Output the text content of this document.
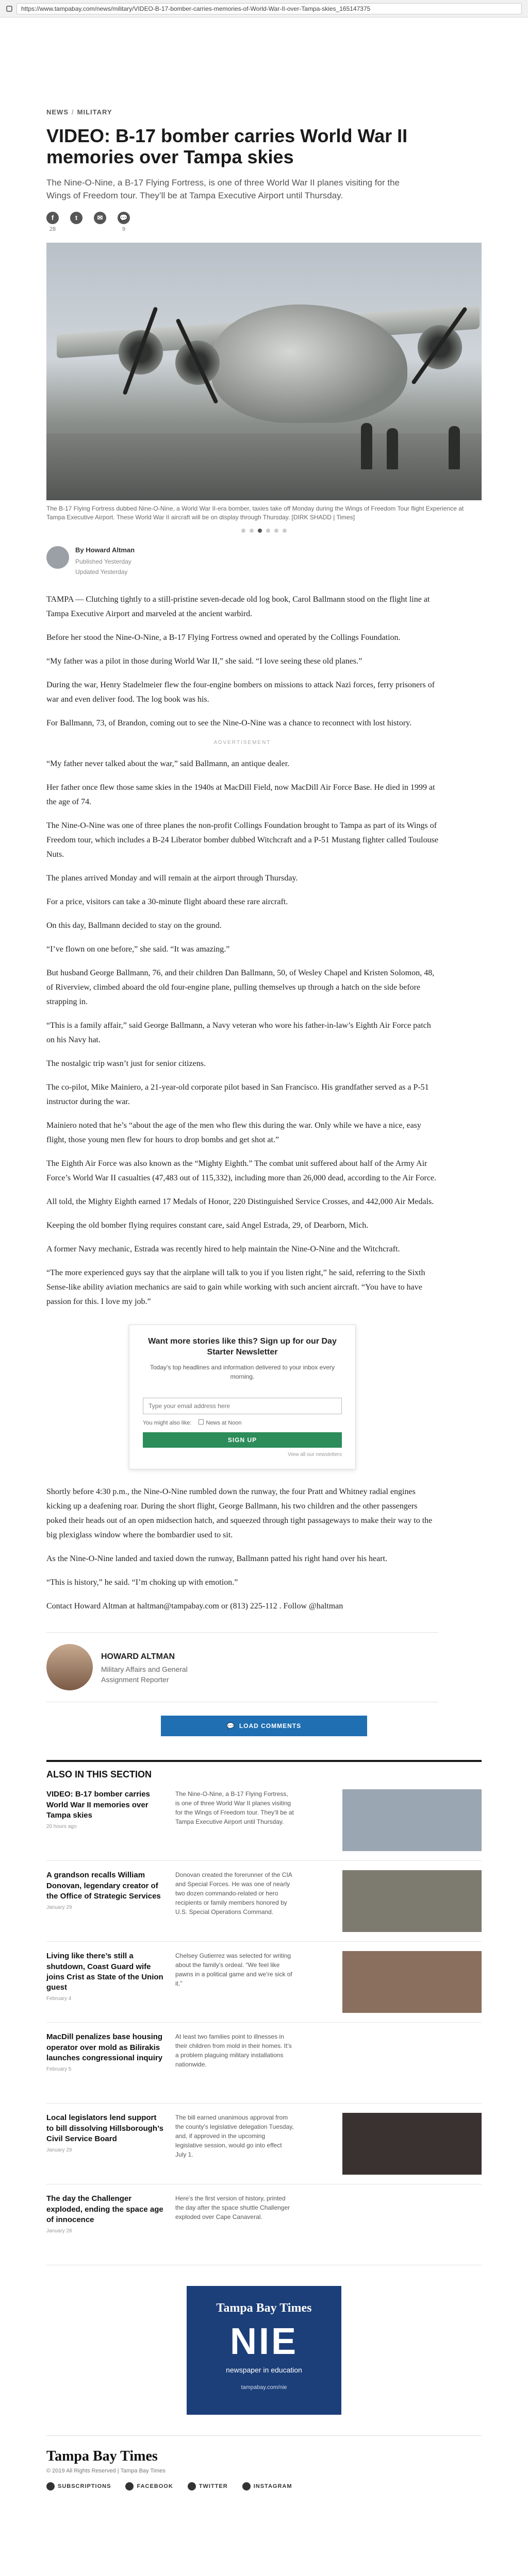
https://www.tampabay.com/news/military/VIDEO-B-17-bomber-carries-memories-of-World-War-II-over-Tampa-skies_165147375
NEWS / MILITARY
VIDEO: B-17 bomber carries World War II memories over Tampa skies

The Nine-O-Nine, a B-17 Flying Fortress, is one of three World War II planes visiting for the Wings of Freedom tour. They’ll be at Tampa Executive Airport until Thursday.

f
28
t	✉	💬
9

The B-17 Flying Fortress dubbed Nine-O-Nine, a World War II-era bomber, taxies take off Monday during the Wings of Freedom Tour flight Experience at Tampa Executive Airport. These World War II aircraft will be on display through Thursday. [DIRK SHADD | Times]

By Howard Altman
Published Yesterday
Updated Yesterday

TAMPA — Clutching tightly to a still-pristine seven-decade old log book, Carol Ballmann stood on the flight line at Tampa Executive Airport and marveled at the ancient warbird.

Before her stood the Nine-O-Nine, a B-17 Flying Fortress owned and operated by the Collings Foundation.

“My father was a pilot in those during World War II,” she said. “I love seeing these old planes.”

During the war, Henry Stadelmeier flew the four-engine bombers on missions to attack Nazi forces, ferry prisoners of war and even deliver food. The log book was his.

For Ballmann, 73, of Brandon, coming out to see the Nine-O-Nine was a chance to reconnect with lost history.

ADVERTISEMENT

“My father never talked about the war,” said Ballmann, an antique dealer.

Her father once flew those same skies in the 1940s at MacDill Field, now MacDill Air Force Base. He died in 1999 at the age of 74.

The Nine-O-Nine was one of three planes the non-profit Collings Foundation brought to Tampa as part of its Wings of Freedom tour, which includes a B-24 Liberator bomber dubbed Witchcraft and a P-51 Mustang fighter called Toulouse Nuts.

The planes arrived Monday and will remain at the airport through Thursday.

For a price, visitors can take a 30-minute flight aboard these rare aircraft.

On this day, Ballmann decided to stay on the ground.

“I’ve flown on one before,” she said. “It was amazing.”

But husband George Ballmann, 76, and their children Dan Ballmann, 50, of Wesley Chapel and Kristen Solomon, 48, of Riverview, climbed aboard the old four-engine plane, pulling themselves up through a hatch on the side before strapping in.

“This is a family affair,” said George Ballmann, a Navy veteran who wore his father-in-law’s Eighth Air Force patch on his Navy hat.

The nostalgic trip wasn’t just for senior citizens.

The co-pilot, Mike Mainiero, a 21-year-old corporate pilot based in San Francisco. His grandfather served as a P-51 instructor during the war.

Mainiero noted that he’s “about the age of the men who flew this during the war. Only while we have a nice, easy flight, those young men flew for hours to drop bombs and get shot at.”

The Eighth Air Force was also known as the “Mighty Eighth.” The combat unit suffered about half of the Army Air Force’s World War II casualties (47,483 out of 115,332), including more than 26,000 dead, according to the Air Force.

All told, the Mighty Eighth earned 17 Medals of Honor, 220 Distinguished Service Crosses, and 442,000 Air Medals.

Keeping the old bomber flying requires constant care, said Angel Estrada, 29, of Dearborn, Mich.

A former Navy mechanic, Estrada was recently hired to help maintain the Nine-O-Nine and the Witchcraft.

“The more experienced guys say that the airplane will talk to you if you listen right,” he said, referring to the Sixth Sense-like ability aviation mechanics are said to gain while working with such ancient aircraft. “You have to have passion for this. I love my job.”

Want more stories like this? Sign up for our Day Starter Newsletter

Today’s top headlines and information delivered to your inbox every morning.

Type your email address here
You might also like:	News at Noon
SIGN UP
View all our newsletters

Shortly before 4:30 p.m., the Nine-O-Nine rumbled down the runway, the four Pratt and Whitney radial engines kicking up a deafening roar. During the short flight, George Ballmann, his two children and the other passengers poked their heads out of an open midsection hatch, and squeezed through tight passageways to make their way to the big plexiglass window where the bombardier used to sit.

As the Nine-O-Nine landed and taxied down the runway, Ballmann patted his right hand over his heart.

“This is history,” he said. “I’m choking up with emotion.”

Contact Howard Altman at haltman@tampabay.com or (813) 225-112 . Follow @haltman

HOWARD ALTMAN
Military Affairs and General Assignment Reporter
💬 LOAD COMMENTS
ALSO IN THIS SECTION
VIDEO: B-17 bomber carries World War II memories over Tampa skies
20 hours ago
The Nine-O-Nine, a B-17 Flying Fortress, is one of three World War II planes visiting for the Wings of Freedom tour. They’ll be at Tampa Executive Airport until Thursday.
A grandson recalls William Donovan, legendary creator of the Office of Strategic Services
January 29
Donovan created the forerunner of the CIA and Special Forces. He was one of nearly two dozen commando-related or hero recipients or family members honored by U.S. Special Operations Command.
Living like there’s still a shutdown, Coast Guard wife joins Crist as State of the Union guest
February 4
Chelsey Gutierrez was selected for writing about the family’s ordeal. “We feel like pawns in a political game and we’re sick of it.”
MacDill penalizes base housing operator over mold as Bilirakis launches congressional inquiry
February 5
At least two families point to illnesses in their children from mold in their homes. It’s a problem plaguing military installations nationwide.
Local legislators lend support to bill dissolving Hillsborough’s Civil Service Board
January 29
The bill earned unanimous approval from the county’s legislative delegation Tuesday, and, if approved in the upcoming legislative session, would go into effect July 1.
The day the Challenger exploded, ending the space age of innocence
January 28
Here’s the first version of history, printed the day after the space shuttle Challenger exploded over Cape Canaveral.
Tampa Bay Times
NIE
newspaper in education
tampabay.com/nie
Tampa Bay Times
© 2019 All Rights Reserved | Tampa Bay Times
SUBSCRIPTIONS	FACEBOOK	TWITTER	INSTAGRAM
